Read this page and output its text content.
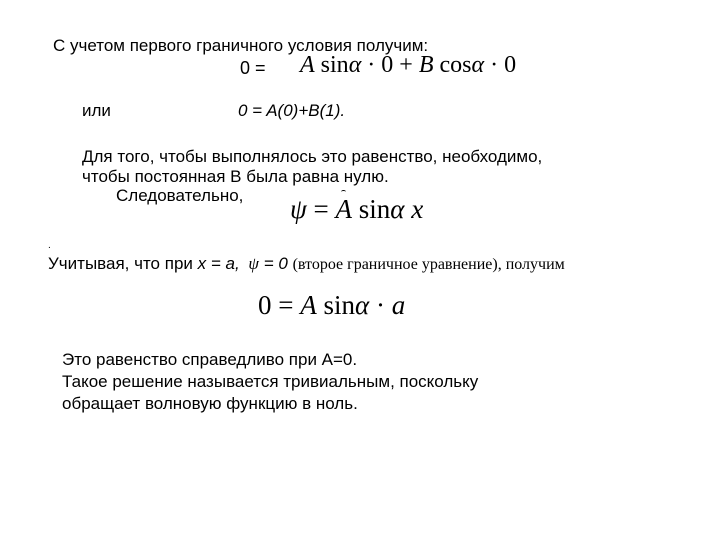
С учетом первого граничного условия получим:
0 = A sinα · 0 + B cosα · 0
или	0 = A(0)+B(1).
Для того, чтобы выполнялось это равенство, необходимо,
чтобы постоянная B была равна нулю.
Следовательно, ψ = A sinα x
.
Учитывая, что при x = a, ψ = 0 (второе граничное уравнение), получим
0 = A sinα · a
Это равенство справедливо при A=0.
Такое решение называется тривиальным, поскольку
обращает волновую функцию в ноль.
